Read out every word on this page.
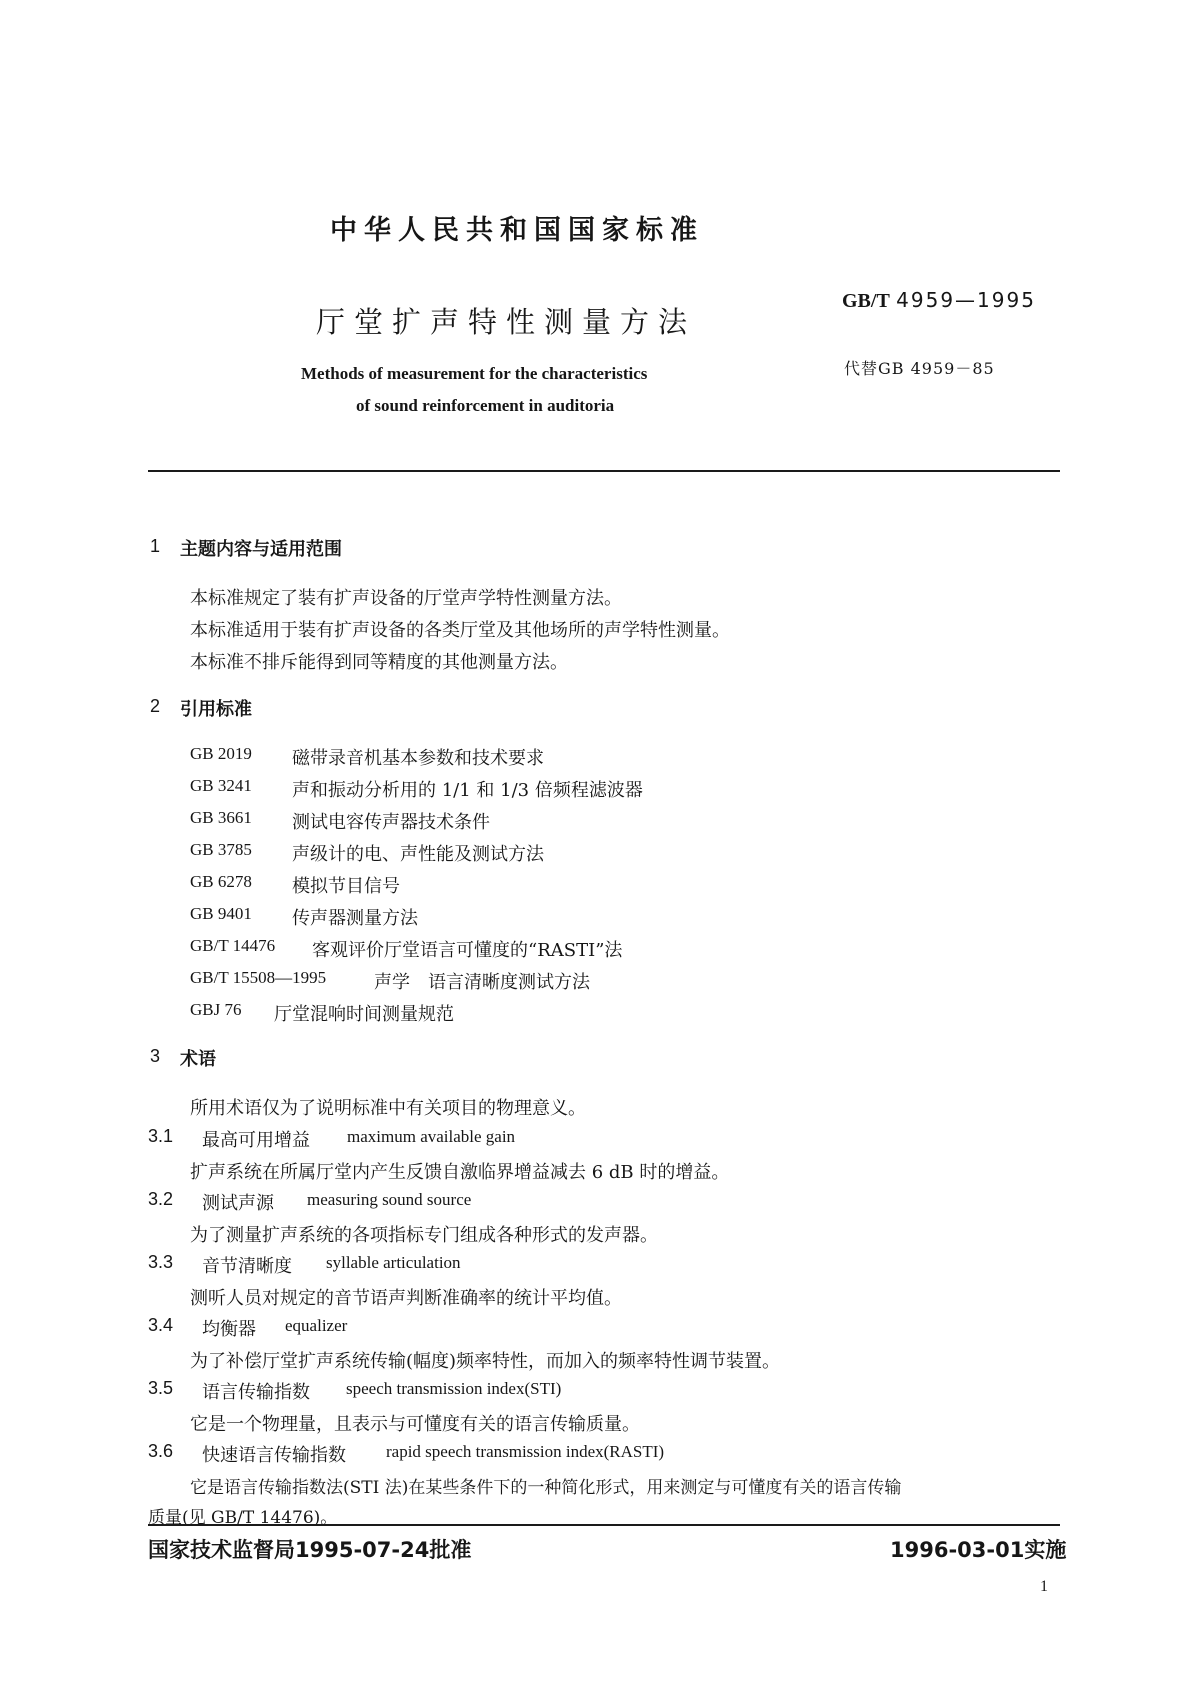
中华人民共和国国家标准
厅堂扩声特性测量方法
GB/T 4959—1995
代替GB 4959－85
Methods of measurement for the characteristics
of sound reinforcement in auditoria
1 主题内容与适用范围
本标准规定了装有扩声设备的厅堂声学特性测量方法。
本标准适用于装有扩声设备的各类厅堂及其他场所的声学特性测量。
本标准不排斥能得到同等精度的其他测量方法。
2 引用标准
GB 2019 磁带录音机基本参数和技术要求
GB 3241 声和振动分析用的 1/1 和 1/3 倍频程滤波器
GB 3661 测试电容传声器技术条件
GB 3785 声级计的电、声性能及测试方法
GB 6278 模拟节目信号
GB 9401 传声器测量方法
GB/T 14476 客观评价厅堂语言可懂度的“RASTI”法
GB/T 15508—1995	声学　语言清晰度测试方法
GBJ 76 厅堂混响时间测量规范
3 术语
所用术语仅为了说明标准中有关项目的物理意义。
3.1 最高可用增益 maximum available gain
扩声系统在所属厅堂内产生反馈自激临界增益减去 6 dB 时的增益。
3.2 测试声源 measuring sound source
为了测量扩声系统的各项指标专门组成各种形式的发声器。
3.3 音节清晰度 syllable articulation
测听人员对规定的音节语声判断准确率的统计平均值。
3.4 均衡器 equalizer
为了补偿厅堂扩声系统传输(幅度)频率特性，而加入的频率特性调节装置。
3.5 语言传输指数 speech transmission index(STI)
它是一个物理量，且表示与可懂度有关的语言传输质量。
3.6 快速语言传输指数 rapid speech transmission index(RASTI)
它是语言传输指数法(STI 法)在某些条件下的一种简化形式，用来测定与可懂度有关的语言传输
质量(见 GB/T 14476)。
国家技术监督局1995-07-24批准	1996-03-01实施
1
